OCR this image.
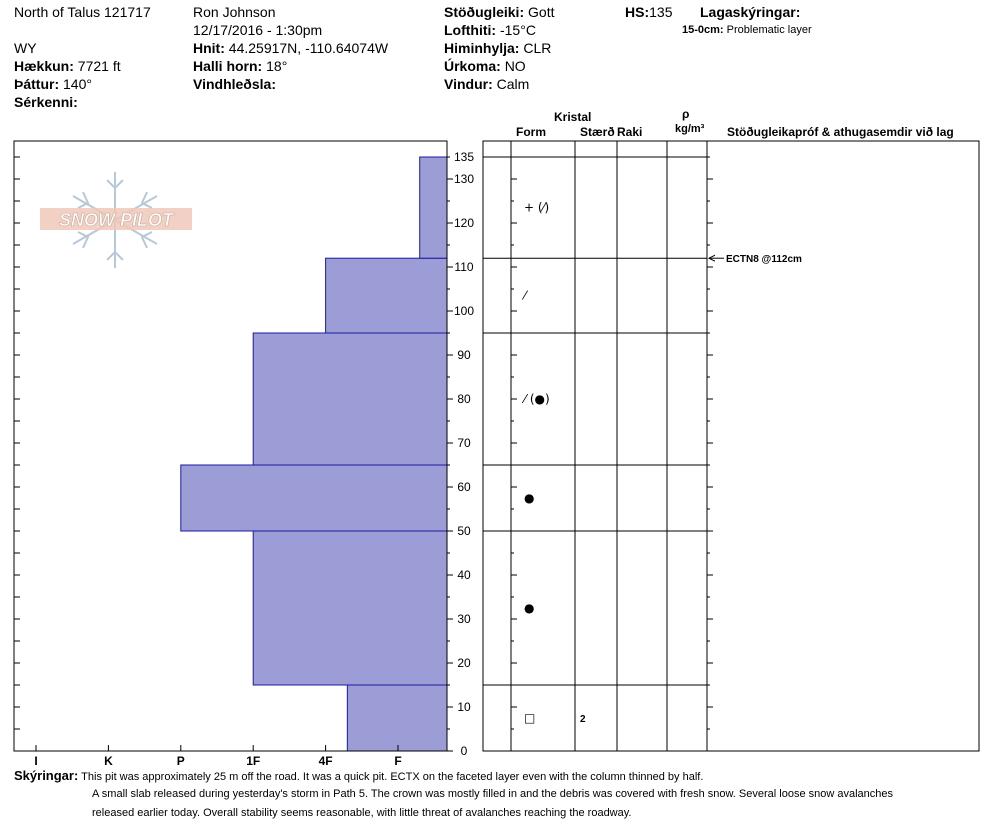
North of Talus 121717
WY
Hækkun: 7721 ft
Þáttur: 140°
Sérkenni:
Ron Johnson
12/17/2016 - 1:30pm
Hnit: 44.25917N, -110.64074W
Halli horn: 18°
Vindhleðsla:
Stöðugleiki: Gott
Lofthiti: -15°C
Himinhylja: CLR
Úrkoma: NO
Vindur: Calm
HS:135 Lagaskýringar:
15-0cm: Problematic layer
Kristal
Form	Stærð Raki
ρ
kg/m³ Stöðugleikapróf & athugasemdir við lag
SNOW PILOT
I	K	P	1F	4F	F
0
10
20
30
40
50
60
70
80
90
100
110
120
130
135
□	2
●
●
⁄ (●)
⁄
+ (⁄)
ECTN8 @112cm
Skýringar: This pit was approximately 25 m off the road. It was a quick pit. ECTX on the faceted layer even with the column thinned by half.
A small slab released during yesterday's storm in Path 5. The crown was mostly filled in and the debris was covered with fresh snow. Several loose snow avalanches
released earlier today. Overall stability seems reasonable, with little threat of avalanches reaching the roadway.
